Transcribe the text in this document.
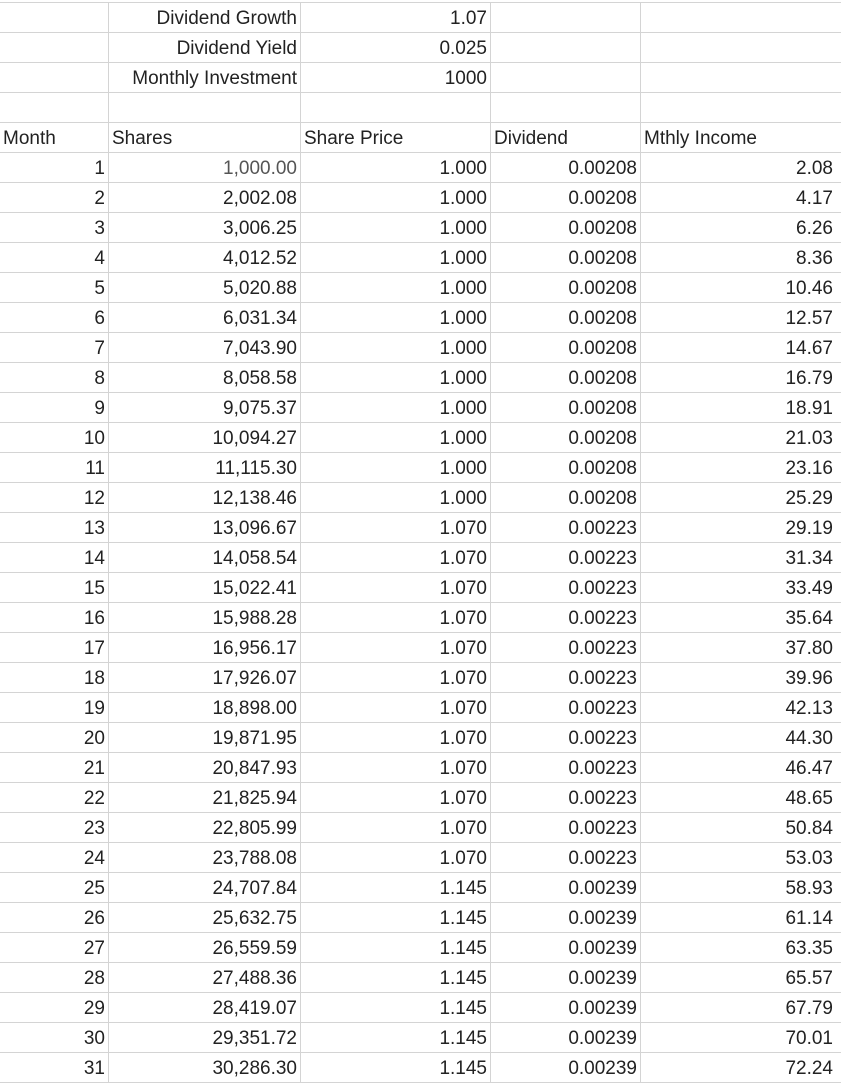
Dividend Growth	1.07
Dividend Yield	0.025
Monthly Investment	1000
Month	Shares	Share Price	Dividend	Mthly Income
1	1,000.00	1.000	0.00208	2.08
2	2,002.08	1.000	0.00208	4.17
3	3,006.25	1.000	0.00208	6.26
4	4,012.52	1.000	0.00208	8.36
5	5,020.88	1.000	0.00208	10.46
6	6,031.34	1.000	0.00208	12.57
7	7,043.90	1.000	0.00208	14.67
8	8,058.58	1.000	0.00208	16.79
9	9,075.37	1.000	0.00208	18.91
10	10,094.27	1.000	0.00208	21.03
11	11,115.30	1.000	0.00208	23.16
12	12,138.46	1.000	0.00208	25.29
13	13,096.67	1.070	0.00223	29.19
14	14,058.54	1.070	0.00223	31.34
15	15,022.41	1.070	0.00223	33.49
16	15,988.28	1.070	0.00223	35.64
17	16,956.17	1.070	0.00223	37.80
18	17,926.07	1.070	0.00223	39.96
19	18,898.00	1.070	0.00223	42.13
20	19,871.95	1.070	0.00223	44.30
21	20,847.93	1.070	0.00223	46.47
22	21,825.94	1.070	0.00223	48.65
23	22,805.99	1.070	0.00223	50.84
24	23,788.08	1.070	0.00223	53.03
25	24,707.84	1.145	0.00239	58.93
26	25,632.75	1.145	0.00239	61.14
27	26,559.59	1.145	0.00239	63.35
28	27,488.36	1.145	0.00239	65.57
29	28,419.07	1.145	0.00239	67.79
30	29,351.72	1.145	0.00239	70.01
31	30,286.30	1.145	0.00239	72.24
